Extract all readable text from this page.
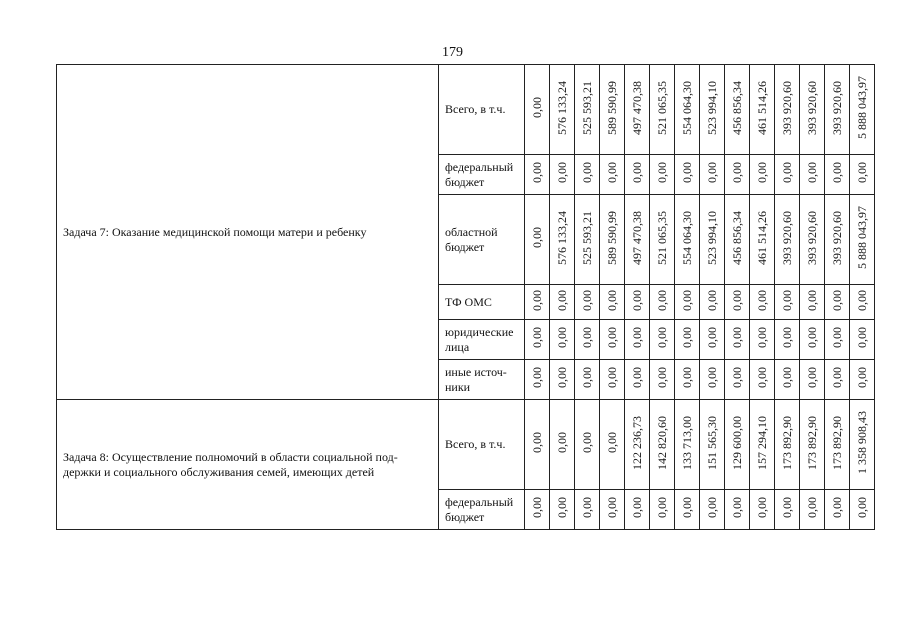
179
Задача 7: Оказание медицинской помощи матери и ребенку	Всего, в т.ч.	0,00	576 133,24	525 593,21	589 590,99	497 470,38	521 065,35	554 064,30	523 994,10	456 856,34	461 514,26	393 920,60	393 920,60	393 920,60	5 888 043,97
	федеральный бюджет	0,00	0,00	0,00	0,00	0,00	0,00	0,00	0,00	0,00	0,00	0,00	0,00	0,00	0,00
	областной бюджет	0,00	576 133,24	525 593,21	589 590,99	497 470,38	521 065,35	554 064,30	523 994,10	456 856,34	461 514,26	393 920,60	393 920,60	393 920,60	5 888 043,97
	ТФ ОМС	0,00	0,00	0,00	0,00	0,00	0,00	0,00	0,00	0,00	0,00	0,00	0,00	0,00	0,00
	юридические лица	0,00	0,00	0,00	0,00	0,00	0,00	0,00	0,00	0,00	0,00	0,00	0,00	0,00	0,00
	иные источ-ники	0,00	0,00	0,00	0,00	0,00	0,00	0,00	0,00	0,00	0,00	0,00	0,00	0,00	0,00
Задача 8: Осуществление полномочий в области социальной под-держки и социального обслуживания семей, имеющих детей	Всего, в т.ч.	0,00	0,00	0,00	0,00	122 236,73	142 820,60	133 713,00	151 565,30	129 600,00	157 294,10	173 892,90	173 892,90	173 892,90	1 358 908,43
	федеральный бюджет	0,00	0,00	0,00	0,00	0,00	0,00	0,00	0,00	0,00	0,00	0,00	0,00	0,00	0,00
